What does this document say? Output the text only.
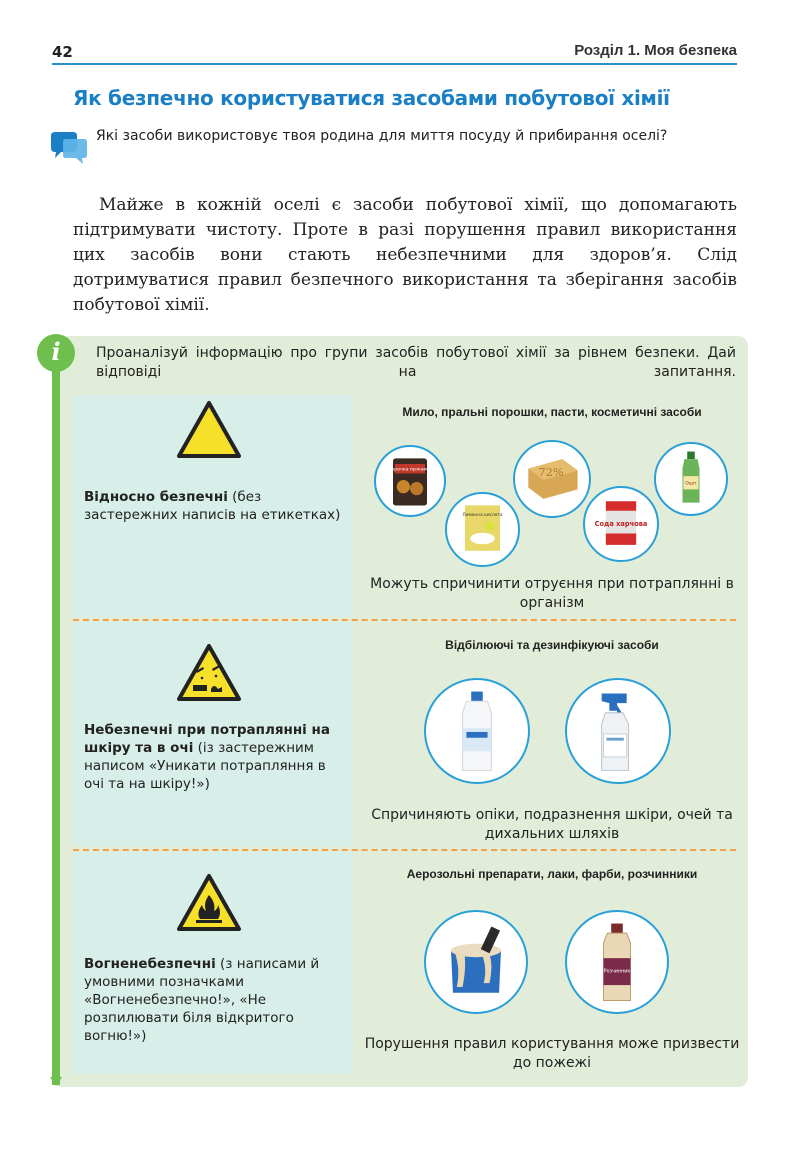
42	Розділ 1. Моя безпека
Як безпечно користуватися засобами побутової хімії
Які засоби використовує твоя родина для миття посуду й прибирання оселі?
Майже в кожній оселі є засоби побутової хімії, що допомагають підтримувати чистоту. Проте в разі порушення правил використання цих засобів вони стають небезпечними для здоров’я. Слід дотримуватися правил безпечного використання та зберігання засобів побутової хімії.
i	Проаналізуй інформацію про групи засобів побутової хімії за рівнем безпеки. Дай відповіді на запитання.
Відносно безпечні (без застережних написів на етикетках)
Мило, пральні порошки, пасти, косметичні засоби
Корочка пряників
Лимонна кислота
72%
Сода харчова
Оцет
Можуть спричинити отруєння при потраплянні в організм
Небезпечні при потраплянні на шкіру та в очі (із застережним написом «Уникати потрапляння в очі та на шкіру!»)
Відбілюючі та дезинфікуючі засоби
Спричиняють опіки, подразнення шкіри, очей та дихальних шляхів
Вогненебезпечні (з написами й умовними позначками «Вогненебезпечно!», «Не розпилювати біля відкритого вогню!»)
Аерозольні препарати, лаки, фарби, розчинники
Розчинник
Порушення правил користування може призвести до пожежі
